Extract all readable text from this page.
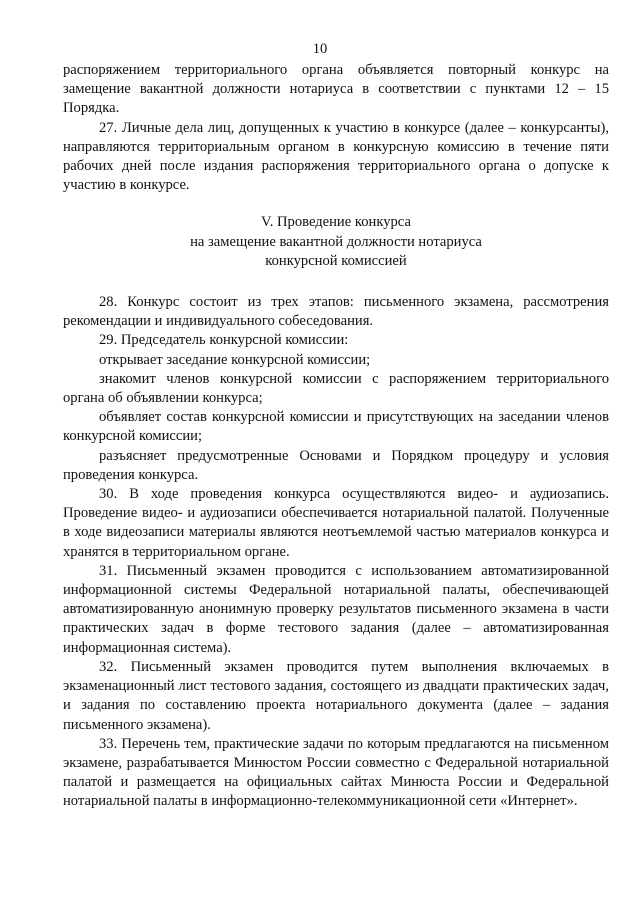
10

распоряжением территориального органа объявляется повторный конкурс на замещение вакантной должности нотариуса в соответствии с пунктами 12 – 15 Порядка.

27. Личные дела лиц, допущенных к участию в конкурсе (далее – конкурсанты), направляются территориальным органом в конкурсную комиссию в течение пяти рабочих дней после издания распоряжения территориального органа о допуске к участию в конкурсе.

V. Проведение конкурса
на замещение вакантной должности нотариуса
конкурсной комиссией

28. Конкурс состоит из трех этапов: письменного экзамена, рассмотрения рекомендации и индивидуального собеседования.

29. Председатель конкурсной комиссии:

открывает заседание конкурсной комиссии;

знакомит членов конкурсной комиссии с распоряжением территориального органа об объявлении конкурса;

объявляет состав конкурсной комиссии и присутствующих на заседании членов конкурсной комиссии;

разъясняет предусмотренные Основами и Порядком процедуру и условия проведения конкурса.

30. В ходе проведения конкурса осуществляются видео- и аудиозапись. Проведение видео- и аудиозаписи обеспечивается нотариальной палатой. Полученные в ходе видеозаписи материалы являются неотъемлемой частью материалов конкурса и хранятся в территориальном органе.

31. Письменный экзамен проводится с использованием автоматизированной информационной системы Федеральной нотариальной палаты, обеспечивающей автоматизированную анонимную проверку результатов письменного экзамена в части практических задач в форме тестового задания (далее – автоматизированная информационная система).

32. Письменный экзамен проводится путем выполнения включаемых в экзаменационный лист тестового задания, состоящего из двадцати практических задач, и задания по составлению проекта нотариального документа (далее – задания письменного экзамена).

33. Перечень тем, практические задачи по которым предлагаются на письменном экзамене, разрабатывается Минюстом России совместно с Федеральной нотариальной палатой и размещается на официальных сайтах Минюста России и Федеральной нотариальной палаты в информационно-телекоммуникационной сети «Интернет».
